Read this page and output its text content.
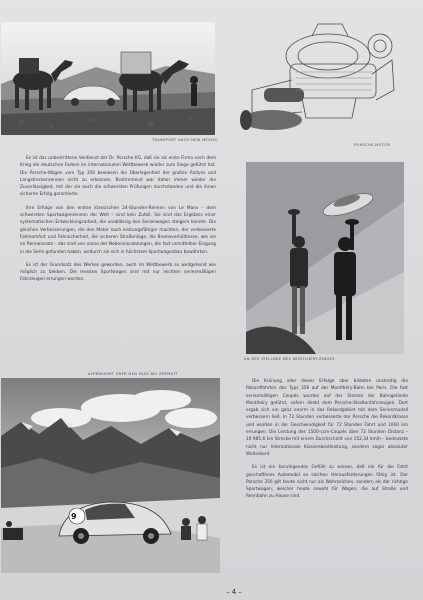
TRANSPORT NACH NEW MEXIKO
PORSCHE-MOTOR

Es ist das unbestrittene Verdienst der Dr. Porsche KG, daß sie als erste Firma nach dem Krieg die deutschen Farben im internationalen Wettbewerb wieder zum Siege geführt hat. Die Porsche-Wagen vom Typ 356 bewiesen die Überlegenheit der großen Rallyes und Langstreckenrennen nicht zu erkennen. Bestimmend war daher immer wieder die Zuverlässigkeit, mit der sie auch die schwersten Prüfungen durchstanden und die ihnen sicheren Erfolg garantierte.

Ihre Erfolge von den ersten klassischen 24-Stunden-Rennen von Le Mans – dem schwersten Sportwagenrennen der Welt – sind kein Zufall. Sie sind das Ergebnis einer systematischen Entwicklungsarbeit, die unablässig den Serienwagen steigern konnte. Die gleichen Verbesserungen, die den Motor noch leistungsfähiger machten, der verbesserte Fahrkomfort und Fahrsicherheit, die sicheren Straßenlage, die Bremsverhältnisse, wie sie im Renneinsatz – das sind von vorne der Nebeneinsatzungen, die fast unmittelbar Eingang in die Serie gefunden haben, wodurch sie sich in höchstem Sportwagenbau bewährten.

Es ist der Grundsatz des Werkes geworden, auch im Wettbewerb so weitgehend wie möglich zu bleiben. Die meisten Sportwagen sind mit nur leichten serienmäßigen Fahrzeugen errungen worden.

AN DER ZIELLINIE DES MONTLHÉRY-RINGES
ALPENFAHRT ÜBER DEN PASS BEI ZERMATT
9

Die Krönung aller dieser Erfolge aber bildeten unstreitig die Rekordfahrten des Typs 356 auf der Montlhéry-Bahn bei Paris. Die fast serienmäßigen Coupés wurden auf der Strecke der Bahngelände Montlhéry geführt, sofern direkt dem Porsche-Straßenfahrzeugen. Dort ergab sich ein ganz enorm in das Rekordgebiet mit dem Serienmodell verbessern ließ. In 72 Stunden verbesserte der Porsche die Rekordklasse und wurden in der Geschwindigkeit für 72 Stunden Fahrt und 1000 km errungen. Die Leistung des 1500-ccm-Coupés über 72 Stunden Distanz – 10 985,6 km Strecke mit einem Durchschnitt von 152,34 km/h – bedeutete nicht nur Internationale Klassenbestleistung, sondern sogar absoluter Weltrekord.

Es ist ein beruhigendes Gefühl zu wissen, daß ein für die Fahrt geschaffenes Automobil so solchen Herausforderungen fähig ist. Der Porsche 356 gilt heute nicht nur als Wahrzeichen, sondern als der richtige Sportwagen, welcher heute sowohl für Wagen, die auf Straße und Rennbahn zu Hause sind.

– 4 –
